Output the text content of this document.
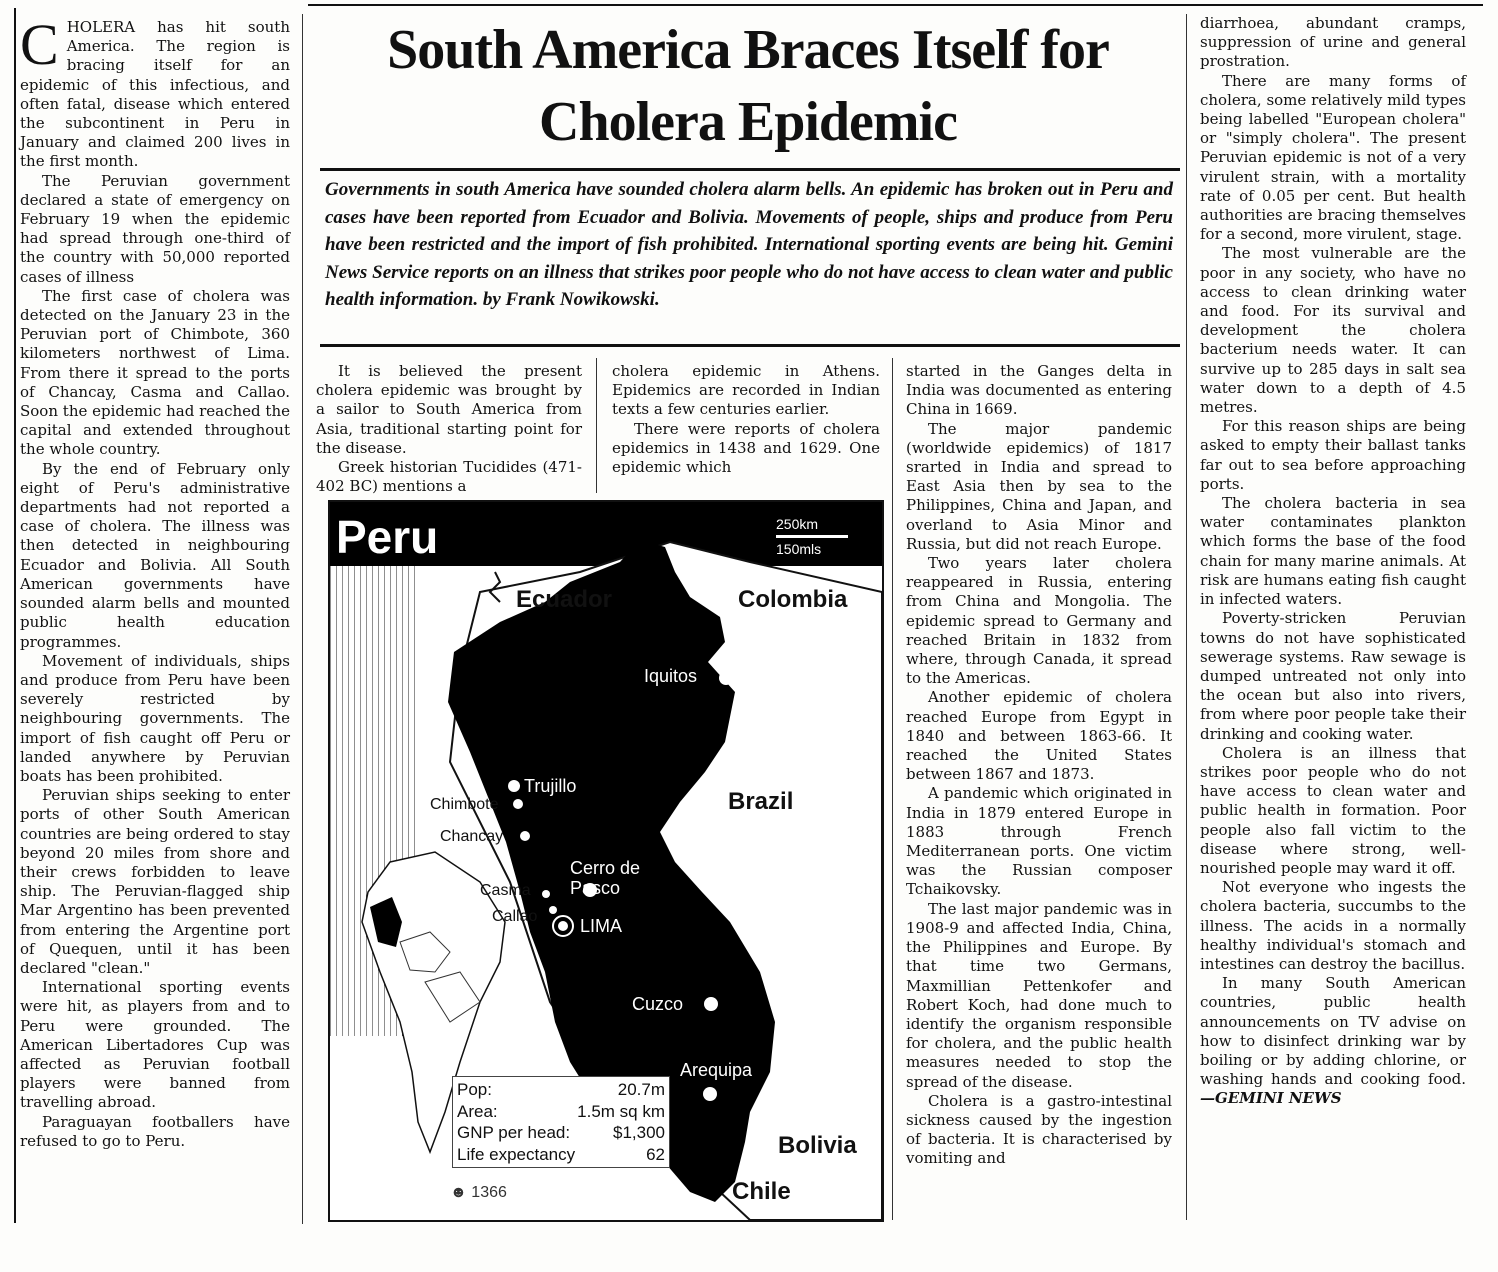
C HOLERA has hit south America. The region is bracing itself for an epidemic of this infectious, and often fatal, disease which entered the subcontinent in Peru in January and claimed 200 lives in the first month.

The Peruvian government declared a state of emergency on February 19 when the epidemic had spread through one-third of the country with 50,000 reported cases of illness

The first case of cholera was detected on the January 23 in the Peruvian port of Chimbote, 360 kilometers northwest of Lima. From there it spread to the ports of Chancay, Casma and Callao. Soon the epidemic had reached the capital and extended throughout the whole country.

By the end of February only eight of Peru's administrative departments had not reported a case of cholera. The illness was then detected in neighbouring Ecuador and Bolivia. All South American governments have sounded alarm bells and mounted public health education programmes.

Movement of individuals, ships and produce from Peru have been severely restricted by neighbouring governments. The import of fish caught off Peru or landed anywhere by Peruvian boats has been prohibited.

Peruvian ships seeking to enter ports of other South American countries are being ordered to stay beyond 20 miles from shore and their crews forbidden to leave ship. The Peruvian-flagged ship Mar Argentino has been prevented from entering the Argentine port of Quequen, until it has been declared "clean."

International sporting events were hit, as players from and to Peru were grounded. The American Libertadores Cup was affected as Peruvian football players were banned from travelling abroad.

Paraguayan footballers have refused to go to Peru.

South America Braces Itself for Cholera Epidemic
Governments in south America have sounded cholera alarm bells. An epidemic has broken out in Peru and cases have been reported from Ecuador and Bolivia. Movements of people, ships and produce from Peru have been restricted and the import of fish prohibited. International sporting events are being hit. Gemini News Service reports on an illness that strikes poor people who do not have access to clean water and public health information. by Frank Nowikowski.

It is believed the present cholera epidemic was brought by a sailor to South America from Asia, traditional starting point for the disease.

Greek historian Tucidides (471-402 BC) mentions a

cholera epidemic in Athens. Epidemics are recorded in Indian texts a few centuries earlier.

There were reports of cholera epidemics in 1438 and 1629. One epidemic which

started in the Ganges delta in India was documented as entering China in 1669.

The major pandemic (worldwide epidemics) of 1817 srarted in India and spread to East Asia then by sea to the Philippines, China and Japan, and overland to Asia Minor and Russia, but did not reach Europe.

Two years later cholera reappeared in Russia, entering from China and Mongolia. The epidemic spread to Germany and reached Britain in 1832 from where, through Canada, it spread to the Americas.

Another epidemic of cholera reached Europe from Egypt in 1840 and between 1863-66. It reached the United States between 1867 and 1873.

A pandemic which originated in India in 1879 entered Europe in 1883 through French Mediterranean ports. One victim was the Russian composer Tchaikovsky.

The last major pandemic was in 1908-9 and affected India, China, the Philippines and Europe. By that time two Germans, Maxmillian Pettenkofer and Robert Koch, had done much to identify the organism responsible for cholera, and the public health measures needed to stop the spread of the disease.

Cholera is a gastro-intestinal sickness caused by the ingestion of bacteria. It is characterised by vomiting and

diarrhoea, abundant cramps, suppression of urine and general prostration.

There are many forms of cholera, some relatively mild types being labelled "European cholera" or "simply cholera". The present Peruvian epidemic is not of a very virulent strain, with a mortality rate of 0.05 per cent. But health authorities are bracing themselves for a second, more virulent, stage.

The most vulnerable are the poor in any society, who have no access to clean drinking water and food. For its survival and development the cholera bacterium needs water. It can survive up to 285 days in salt sea water down to a depth of 4.5 metres.

For this reason ships are being asked to empty their ballast tanks far out to sea before approaching ports.

The cholera bacteria in sea water contaminates plankton which forms the base of the food chain for many marine animals. At risk are humans eating fish caught in infected waters.

Poverty-stricken Peruvian towns do not have sophisticated sewerage systems. Raw sewage is dumped untreated not only into the ocean but also into rivers, from where poor people take their drinking and cooking water.

Cholera is an illness that strikes poor people who do not have access to clean water and public health in formation. Poor people also fall victim to the disease where strong, well-nourished people may ward it off.

Not everyone who ingests the cholera bacteria, succumbs to the illness. The acids in a normally healthy individual's stomach and intestines can destroy the bacillus.

In many South American countries, public health announcements on TV advise on how to disinfect drinking war by boiling or by adding chlorine, or washing hands and cooking food. —GEMINI NEWS

Peru	250km
150mls
Ecuador	Colombia
Brazil
Bolivia
Chile
Iquitos
Trujillo
Chimbote
Chancay
Cerro de Pasco
Casma
Callao LIMA
Cuzco
Arequipa
Pop:	20.7m
Area:	1.5m sq km
GNP per head:	$1,300
Life expectancy	62
☻ 1366
